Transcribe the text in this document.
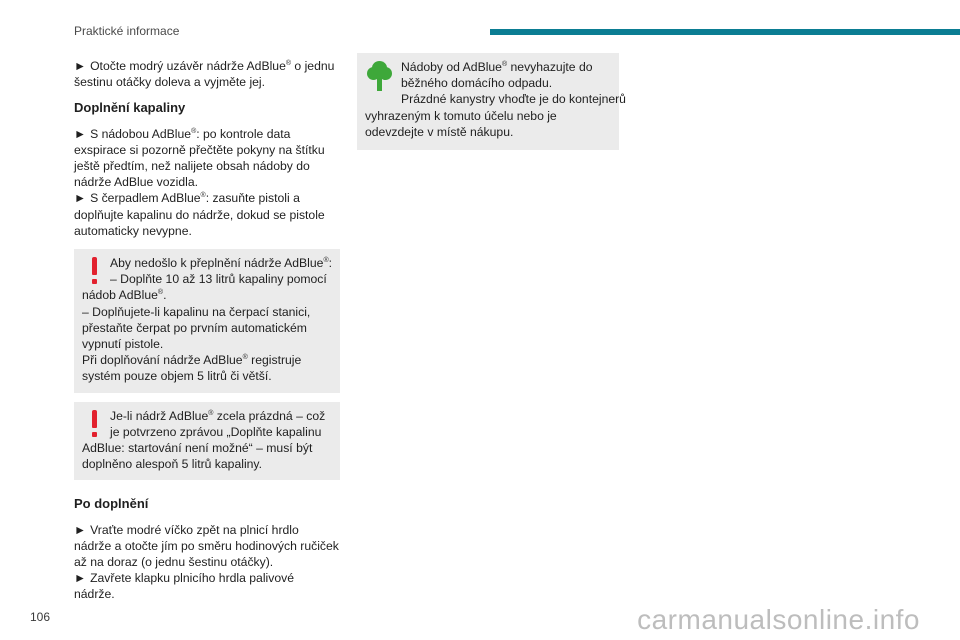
Praktické informace

► Otočte modrý uzávěr nádrže AdBlue® o jednu
šestinu otáčky doleva a vyjměte jej.

Doplnění kapaliny

► S nádobou AdBlue®: po kontrole data
exspirace si pozorně přečtěte pokyny na štítku
ještě předtím, než nalijete obsah nádoby do
nádrže AdBlue vozidla.
► S čerpadlem AdBlue®: zasuňte pistoli a
doplňujte kapalinu do nádrže, dokud se pistole
automaticky nevypne.

Aby nedošlo k přeplnění nádrže AdBlue®:
– Doplňte 10 až 13 litrů kapaliny pomocí
nádob AdBlue®.
– Doplňujete-li kapalinu na čerpací stanici,
přestaňte čerpat po prvním automatickém
vypnutí pistole.
Při doplňování nádrže AdBlue® registruje
systém pouze objem 5 litrů či větší.
Je-li nádrž AdBlue® zcela prázdná – což
je potvrzeno zprávou „Doplňte kapalinu
AdBlue: startování není možné“ – musí být
doplněno alespoň 5 litrů kapaliny.

Po doplnění

► Vraťte modré víčko zpět na plnicí hrdlo
nádrže a otočte jím po směru hodinových ručiček
až na doraz (o jednu šestinu otáčky).
► Zavřete klapku plnicího hrdla palivové
nádrže.

Nádoby od AdBlue® nevyhazujte do
běžného domácího odpadu.
Prázdné kanystry vhoďte je do kontejnerů
vyhrazeným k tomuto účelu nebo je
odevzdejte v místě nákupu.
106	carmanualsonline.info
